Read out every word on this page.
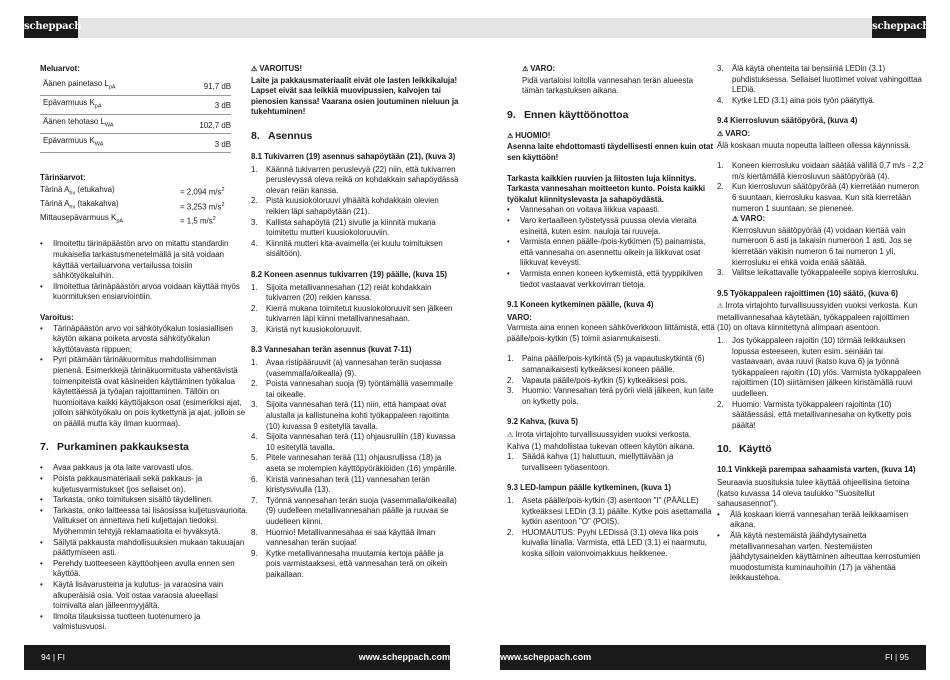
scheppach	scheppach
Meluarvot:
Äänen painetaso $L_{pA}$	91,7 dB
Epävarmuus $K_{pA}$	3 dB
Äänen tehotaso $L_{WA}$	102,7 dB
Epävarmuus $K_{WA}$	3 dB
Tärinäarvot:
Tärinä $A_{hv}$ (etukahva)	= 2,094 $m/s^2$
Tärinä $A_{hv}$ (takakahva)	= 3,253 $m/s^2$
Mittausepävarmuus $K_{pA}$	= 1,5 $m/s^2$
• Ilmoitettu tärinäpäästön arvo on mitattu standardin mukaisella tarkastusmenetelmällä ja sitä voidaan käyttää vertailuarvona vertailussa toisiin sähkötyökaluihin.
• Ilmoitettua tärinäpäästön arvoa voidaan käyttää myös kuormituksen ensiarviointiin.
Varoitus:
• Tärinäpäästön arvo voi sähkötyökalun tosiasiallisen käytön aikana poiketa arvosta sähkötyökalun käyttötavasta riippuen;
• Pyri pitämään tärinäkuormitus mahdollisimman pienenä. Esimerkkejä tärinäkuormitusta vähentävistä toimenpiteistä ovat käsineiden käyttäminen työkalua käytettäessä ja työajan rajoittaminen. Tällöin on huomioitava kaikki käyttöjakson osat (esimerkiksi ajat, jolloin sähkötyökalu on pois kytkettynä ja ajat, jolloin se on päällä mutta käy ilman kuormaa).
7. Purkaminen pakkauksesta
• Avaa pakkaus ja ota laite varovasti ulos.
• Poista pakkausmateriaali sekä pakkaus- ja kuljetusvarmistukset (jos sellaiset on).
• Tarkasta, onko toimituksen sisältö täydellinen.
• Tarkasta, onko laitteessa tai lisäosissa kuljetusvaurioita. Valitukset on annettava heti kuljettajan tiedoksi. Myöhemmin tehtyjä reklamaatioita ei hyväksytä.
• Säilytä pakkausta mahdollisuuksien mukaan takuuajan päättymiseen asti.
• Perehdy tuotteeseen käyttöohjeen avulla ennen sen käyttöä.
• Käytä lisävarusteina ja kulutus- ja varaosina vain alkuperäisiä osia. Voit ostaa varaosia alueellasi toimivalta alan jälleenmyyjältä.
• Ilmoita tilauksissa tuotteen tuotenumero ja valmistusvuosi.
⚠ VAROITUS!
Laite ja pakkausmateriaalit eivät ole lasten leikkikaluja! Lapset eivät saa leikkiä muovipussien, kalvojen tai pienosien kanssa! Vaarana osien joutuminen nieluun ja tukehtuminen!
8. Asennus
8.1 Tukivarren (19) asennus sahapöytään (21), (kuva 3)
1. Käännä tukivarren peruslevyä (22) niin, että tukivarren peruslevyssä oleva reikä on kohdakkain sahapöydässä olevan reiän kanssa.
2. Pistä kuusiokoloruuvi ylhäältä kohdakkain olevien reikien läpi sahapöytään (21).
3. Kallista sahapöytä (21) sivulle ja kiinnitä mukana toimitettu mutteri kuusiokoloruuviin.
4. Kiinnitä mutteri kita-avaimella (ei kuulu toimituksen sisältöön).
8.2 Koneen asennus tukivarren (19) päälle, (kuva 15)
1. Sijoita metallivannesahan (12) reiät kohdakkain tukivarren (20) reikien kanssa.
2. Kierrä mukana toimitetut kuusiokoloruuvit sen jälkeen tukivarren läpi kiinni metallivannesahaan.
3. Kiristä nyt kuusiokoloruuvit.
8.3 Vannesahan terän asennus (kuvat 7-11)
1. Avaa ristipääruuvit (a) vannesahan terän suojassa (vasemmalla/oikealla) (9).
2. Poista vannesahan suoja (9) työntämällä vasemmalle tai oikealle.
3. Sijoita vannesahan terä (11) niin, että hampaat ovat alustalla ja kallistuneina kohti työkappaleen rajoitinta (10) kuvassa 9 esitetyllä tavalla.
4. Sijoita vannesahan terä (11) ohjausrulliin (18) kuvassa 10 esitetyllä tavalla.
5. Pitele vannesahan terää (11) ohjausrullissa (18) ja aseta se molempien käyttöpyöräkiöiden (16) ympärille.
6. Kiristä vannesahan terä (11) vannesahan terän kiristysvivulla (13).
7. Työnnä vannesahan terän suoja (vasemmalla/oikealla) (9) uudelleen metallivannesahan päälle ja ruuvaa se uudelleen kiinni.
8. Huomio! Metallivannesahaa ei saa käyttää ilman vannesahan terän suojaa!
9. Kytke metallivannesaha muutamia kertoja päälle ja pois varmistaaksesi, että vannesahan terä on oikein paikallaan.
⚠ VARO:
Pidä vartaloisi loitolla vannesahan terän alueesta tämän tarkastuksen aikana.
9. Ennen käyttöönottoa
⚠ HUOMIO!
Asenna laite ehdottomasti täydellisesti ennen kuin otat sen käyttöön!
Tarkasta kaikkien ruuvien ja liitosten luja kiinnitys. Tarkasta vannesahan moitteeton kunto. Poista kaikki työkalut kiinnityslevasta ja sahapöydästä.
• Vannesahan on voitava liikkua vapaasti.
• Varo kertaalleen työstetyssä puussa olevia vieraita esineitä, kuten esim. nauloja tai ruuveja.
• Varmista ennen päälle-/pois-kytkimen (5) painamista, että vannesaha on asennettu oikein ja liikkuvat osat liikkuvat keveysti.
• Varmista ennen koneen kytkemistä, että tyyppikilven tiedot vastaavat verkkovirran tietoja.
9.1 Koneen kytkeminen päälle, (kuva 4)
VARO:
Varmista aina ennen koneen sähköverkkoon liittämistä, että päälle/pois-kytkin (5) toimii asianmukaisesti.
1. Paina päälle/pois-kytkintä (5) ja vapautuskytkintä (6) samanaikaisesti kytkeäksesi koneen päälle.
2. Vapauta päälle/pois-kytkin (5) kytkeäksesi pois.
3. Huomio: Vannesahan terä pyörii vielä jälkeen, kun laite on kytketty pois.
9.2 Kahva, (kuva 5)
⚠ Irrota virtajohto turvallisuussyiden vuoksi verkosta. Kahva (1) mahdollistaa tukevan otteen käytön aikana.
1. Säädä kahva (1) haluttuun, miellyttävään ja turvalliseen työasentoon.
9.3 LED-lampun päälle kytkeminen, (kuva 1)
1. Aseta päälle/pois-kytkin (3) asentoon "I" (PÄÄLLE) kytkeäksesi LEDin (3.1) päälle. Kytke pois asettamalla kytkin asentoon "O" (POIS).
2. HUOMAUTUS: Pyyhi LEDissä (3.1) oleva lika pois kuivalla liinalla. Varmista, että LED (3.1) ei naarmutu, koska silloin valonvoimakkuus heikkenee.
3. Älä käytä ohenteita tai bensiiniä LEDin (3.1) puhdistuksessa. Sellaiset liuottimet voivat vahingoittaa LEDiä.
4. Kytke LED (3.1) aina pois työn päätyttyä.
9.4 Kierrosluvun säätöpyörä, (kuva 4)
⚠ VARO:
Älä koskaan muuta nopeutta laitteen ollessa käynnissä.
1. Koneen kierrosluku voidaan säätää välillä 0,7 m/s - 2,2 m/s kiertämällä kierrosluvun säätöpyörää (4).
2. Kun kierrosluvun säätöpyörää (4) kierretään numeron 6 suuntaan, kierrosluku kasvaa. Kun sitä kierretään numeron 1 suuntaan, se pienenee.
⚠ VARO:
Kierrosluvun säätöpyörää (4) voidaan kiertää vain numeroon 6 asti ja takaisin numeroon 1 asti. Jos se kierretään väkisin numeron 6 tai numeron 1 yli, kierrosluku ei ehkä voida enää säätää.
3. Valitse leikattavalle työkappaleelle sopiva kierrosluku.
9.5 Työkappaleen rajoittimen (10) säätö, (kuva 6)
⚠ Irrota virtajohto turvallisuussyiden vuoksi verkosta. Kun metallivannesahaa käytetään, työkappaleen rajoittimen (10) on oltava kiinnitettynä alimpaan asentoon.
1. Jos työkappaleen rajoitin (10) törmää leikkauksen lopussa esteeseen, kuten esim. seinään tai vastaavaan, avaa ruuvi (katso kuva 6) ja työnnä työkappaleen rajoitin (10) ylös. Varmista työkappaleen rajoittimen (10) siirtämisen jälkeen kiristämällä ruuvi uudelleen.
2. Huomio: Varmista työkappaleen rajoitinta (10) säätäessäsi, että metallivannesaha on kytketty pois päältä!
10. Käyttö
10.1 Vinkkejä parempaa sahaamista varten, (kuva 14)
Seuraavia suosituksia tulee käyttää ohjeellisina tietoina (katso kuvassa 14 oleva taulukko "Suositellut sahausasennot").
• Älä koskaan kierrä vannesahan terää leikkaamisen aikana.
• Älä käytä nestemäistä jäähdytysainetta metallivannesahan varten. Nestemäisten jäähdytysaineiden käyttäminen aiheuttaa kerrostumien muodostumista kuminauhoihin (17) ja vähentää leikkaustehoa.
94 | FI	www.scheppach.com	www.scheppach.com	FI | 95
